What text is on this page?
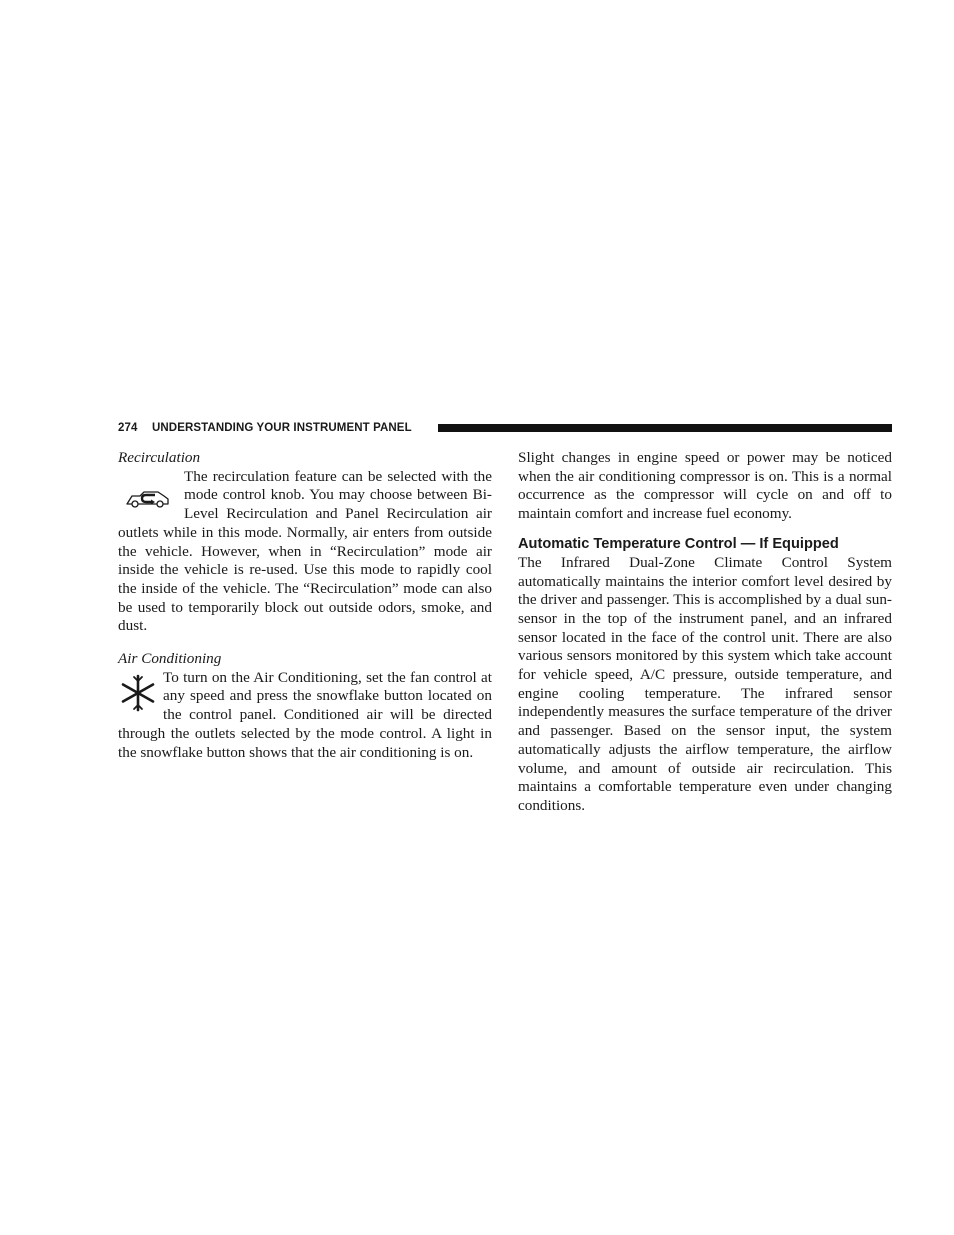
274 UNDERSTANDING YOUR INSTRUMENT PANEL

Recirculation

The recirculation feature can be selected with the mode control knob. You may choose between Bi-Level Recirculation and Panel Recirculation air outlets while in this mode. Normally, air enters from outside the vehicle. However, when in “Recirculation” mode air inside the vehicle is re-used. Use this mode to rapidly cool the inside of the vehicle. The “Recirculation” mode can also be used to temporarily block out outside odors, smoke, and dust.

Air Conditioning

To turn on the Air Conditioning, set the fan control at any speed and press the snowflake button located on the control panel. Conditioned air will be directed through the outlets selected by the mode control. A light in the snowflake button shows that the air conditioning is on.

Slight changes in engine speed or power may be noticed when the air conditioning compressor is on. This is a normal occurrence as the compressor will cycle on and off to maintain comfort and increase fuel economy.

Automatic Temperature Control — If Equipped

The Infrared Dual-Zone Climate Control System automatically maintains the interior comfort level desired by the driver and passenger. This is accomplished by a dual sun-sensor in the top of the instrument panel, and an infrared sensor located in the face of the control unit. There are also various sensors monitored by this system which take account for vehicle speed, A/C pressure, outside temperature, and engine cooling temperature. The infrared sensor independently measures the surface temperature of the driver and passenger. Based on the sensor input, the system automatically adjusts the airflow temperature, the airflow volume, and amount of outside air recirculation. This maintains a comfortable temperature even under changing conditions.
